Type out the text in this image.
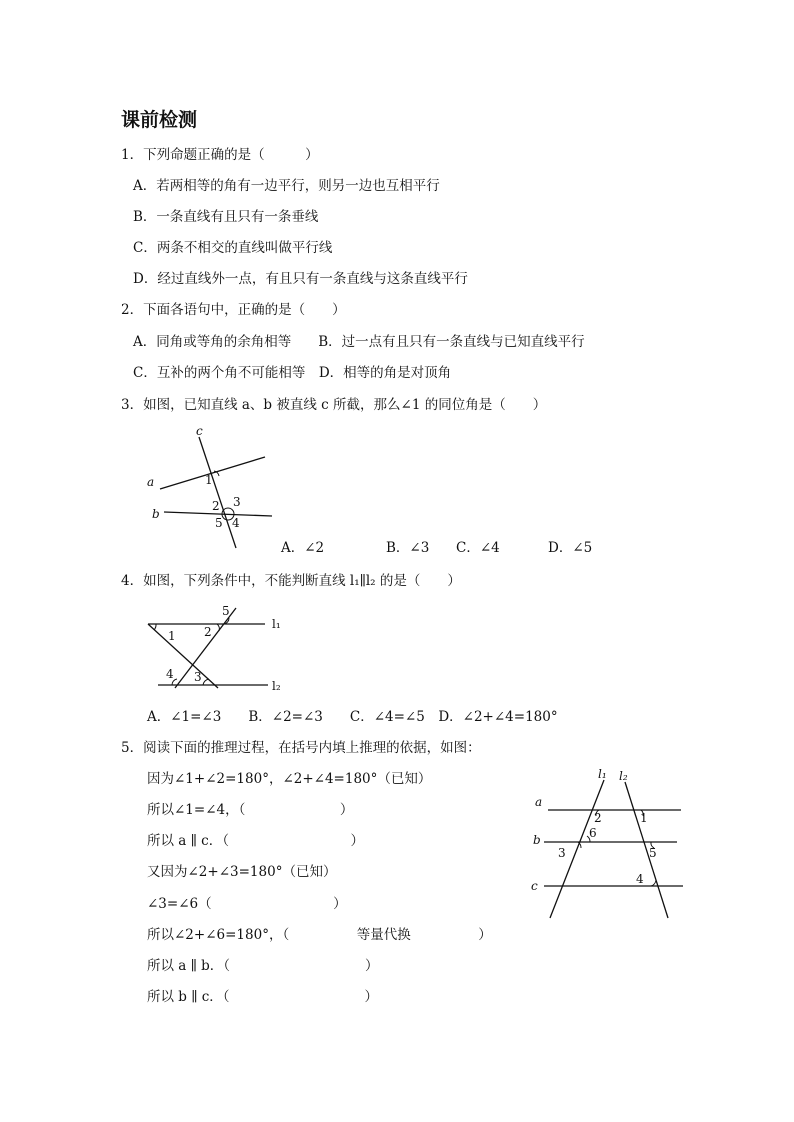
课前检测
1．下列命题正确的是（　　　）
A．若两相等的角有一边平行，则另一边也互相平行
B．一条直线有且只有一条垂线
C．两条不相交的直线叫做平行线
D．经过直线外一点，有且只有一条直线与这条直线平行
2．下面各语句中，正确的是（　　）
A．同角或等角的余角相等　　B．过一点有且只有一条直线与已知直线平行
C．互补的两个角不可能相等　D．相等的角是对顶角
3．如图，已知直线 a、b 被直线 c 所截，那么∠1 的同位角是（　　）
c
a
b
1
2 3
4
5
A．∠2	B．∠3 C．∠4	D．∠5
4．如图，下列条件中，不能判断直线 l₁∥l₂ 的是（　　）
l₁
l₂
1 2
3
4
5
A．∠1=∠3　　B．∠2=∠3　　C．∠4=∠5　D．∠2+∠4=180°
5．阅读下面的推理过程，在括号内填上推理的依据，如图：
因为∠1+∠2=180°，∠2+∠4=180°（已知）
所以∠1=∠4，（　　　　　　　）
所以 a ∥ c．（　　　　　　　　　）
又因为∠2+∠3=180°（已知）
∠3=∠6（　　　　　　　　　）
所以∠2+∠6=180°，（　　　　　等量代换　　　　　）
所以 a ∥ b．（　　　　　　　　　　）
所以 b ∥ c．（　　　　　　　　　　）
l₁ l₂
a
b
c
1
2
3
4
5
6
